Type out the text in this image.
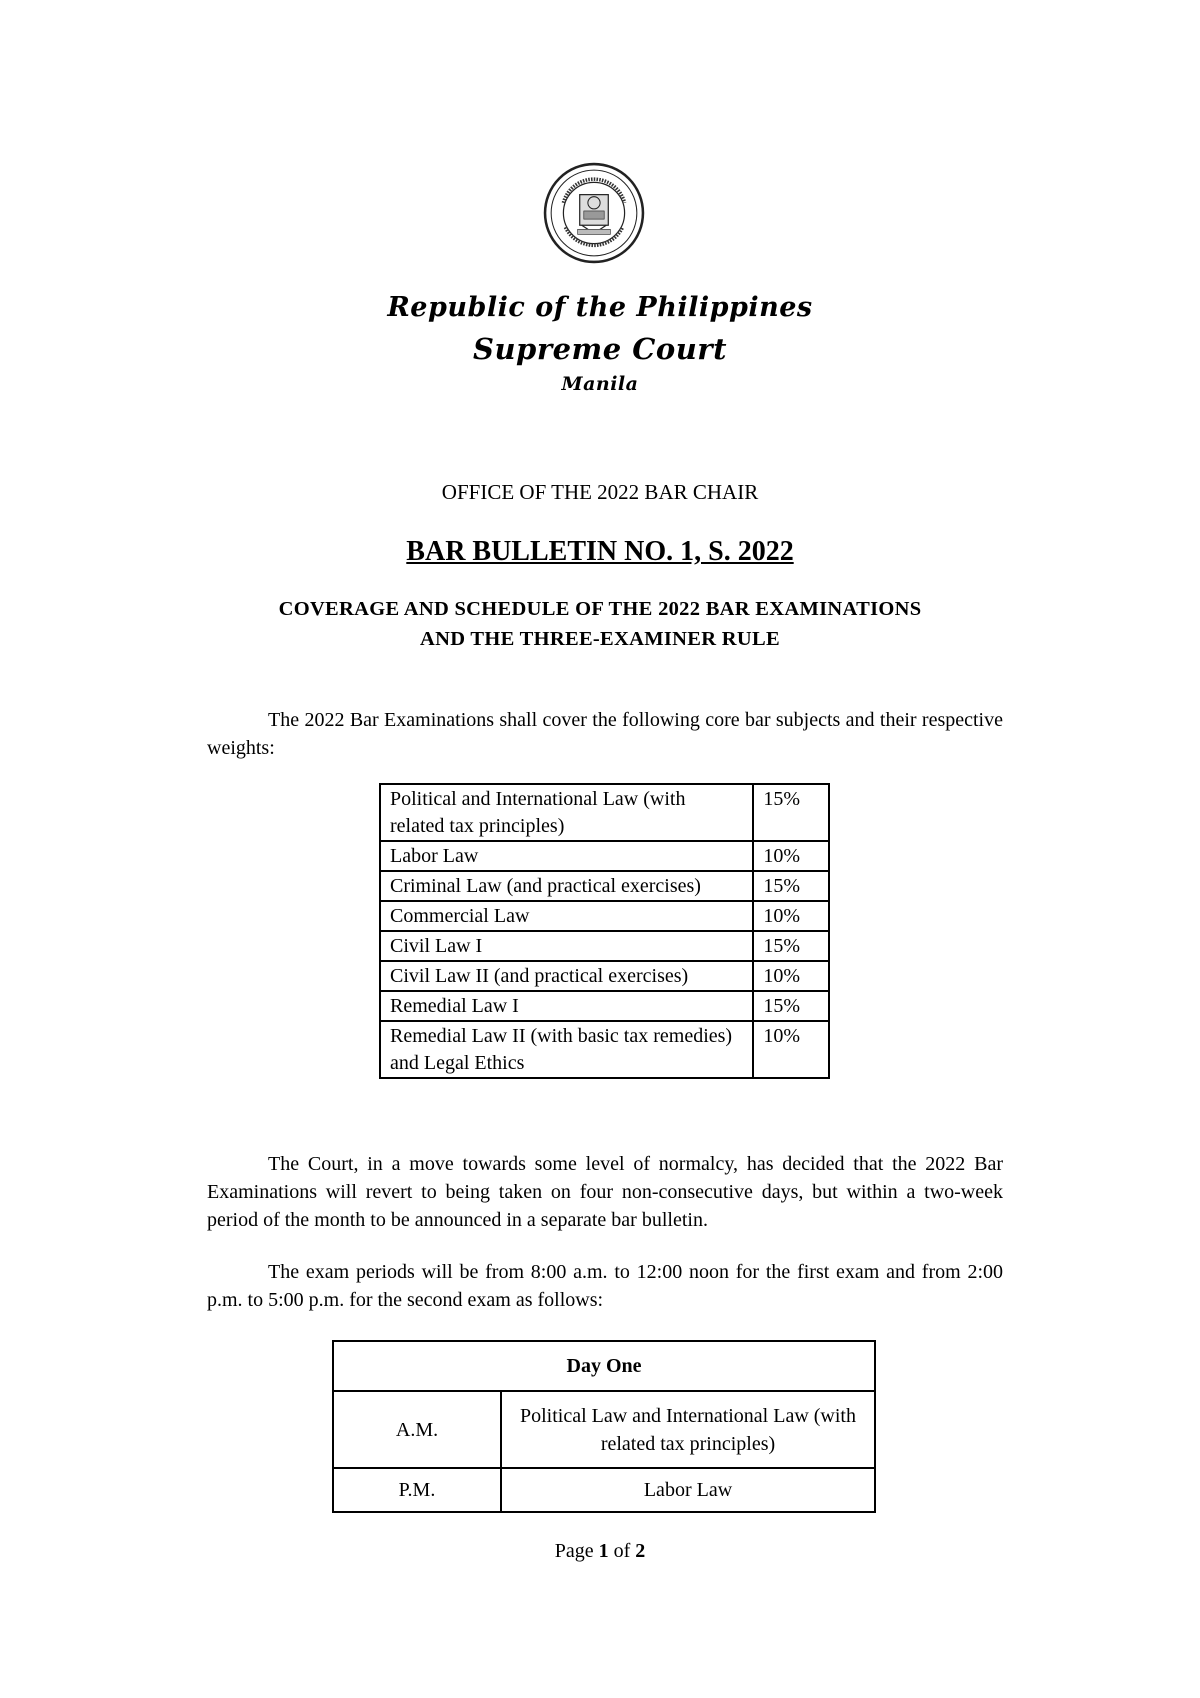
Republic of the Philippines
Supreme Court
Manila
OFFICE OF THE 2022 BAR CHAIR
BAR BULLETIN NO. 1, S. 2022
COVERAGE AND SCHEDULE OF THE 2022 BAR EXAMINATIONS
AND THE THREE-EXAMINER RULE
The 2022 Bar Examinations shall cover the following core bar subjects and their respective weights:
Political and International Law (with related tax principles)	15%
Labor Law	10%
Criminal Law (and practical exercises)	15%
Commercial Law	10%
Civil Law I	15%
Civil Law II (and practical exercises)	10%
Remedial Law I	15%
Remedial Law II (with basic tax remedies) and Legal Ethics	10%
The Court, in a move towards some level of normalcy, has decided that the 2022 Bar Examinations will revert to being taken on four non-consecutive days, but within a two-week period of the month to be announced in a separate bar bulletin.
The exam periods will be from 8:00 a.m. to 12:00 noon for the first exam and from 2:00 p.m. to 5:00 p.m. for the second exam as follows:
Day One	
A.M.	Political Law and International Law (with related tax principles)
P.M.	Labor Law
Page 1 of 2
